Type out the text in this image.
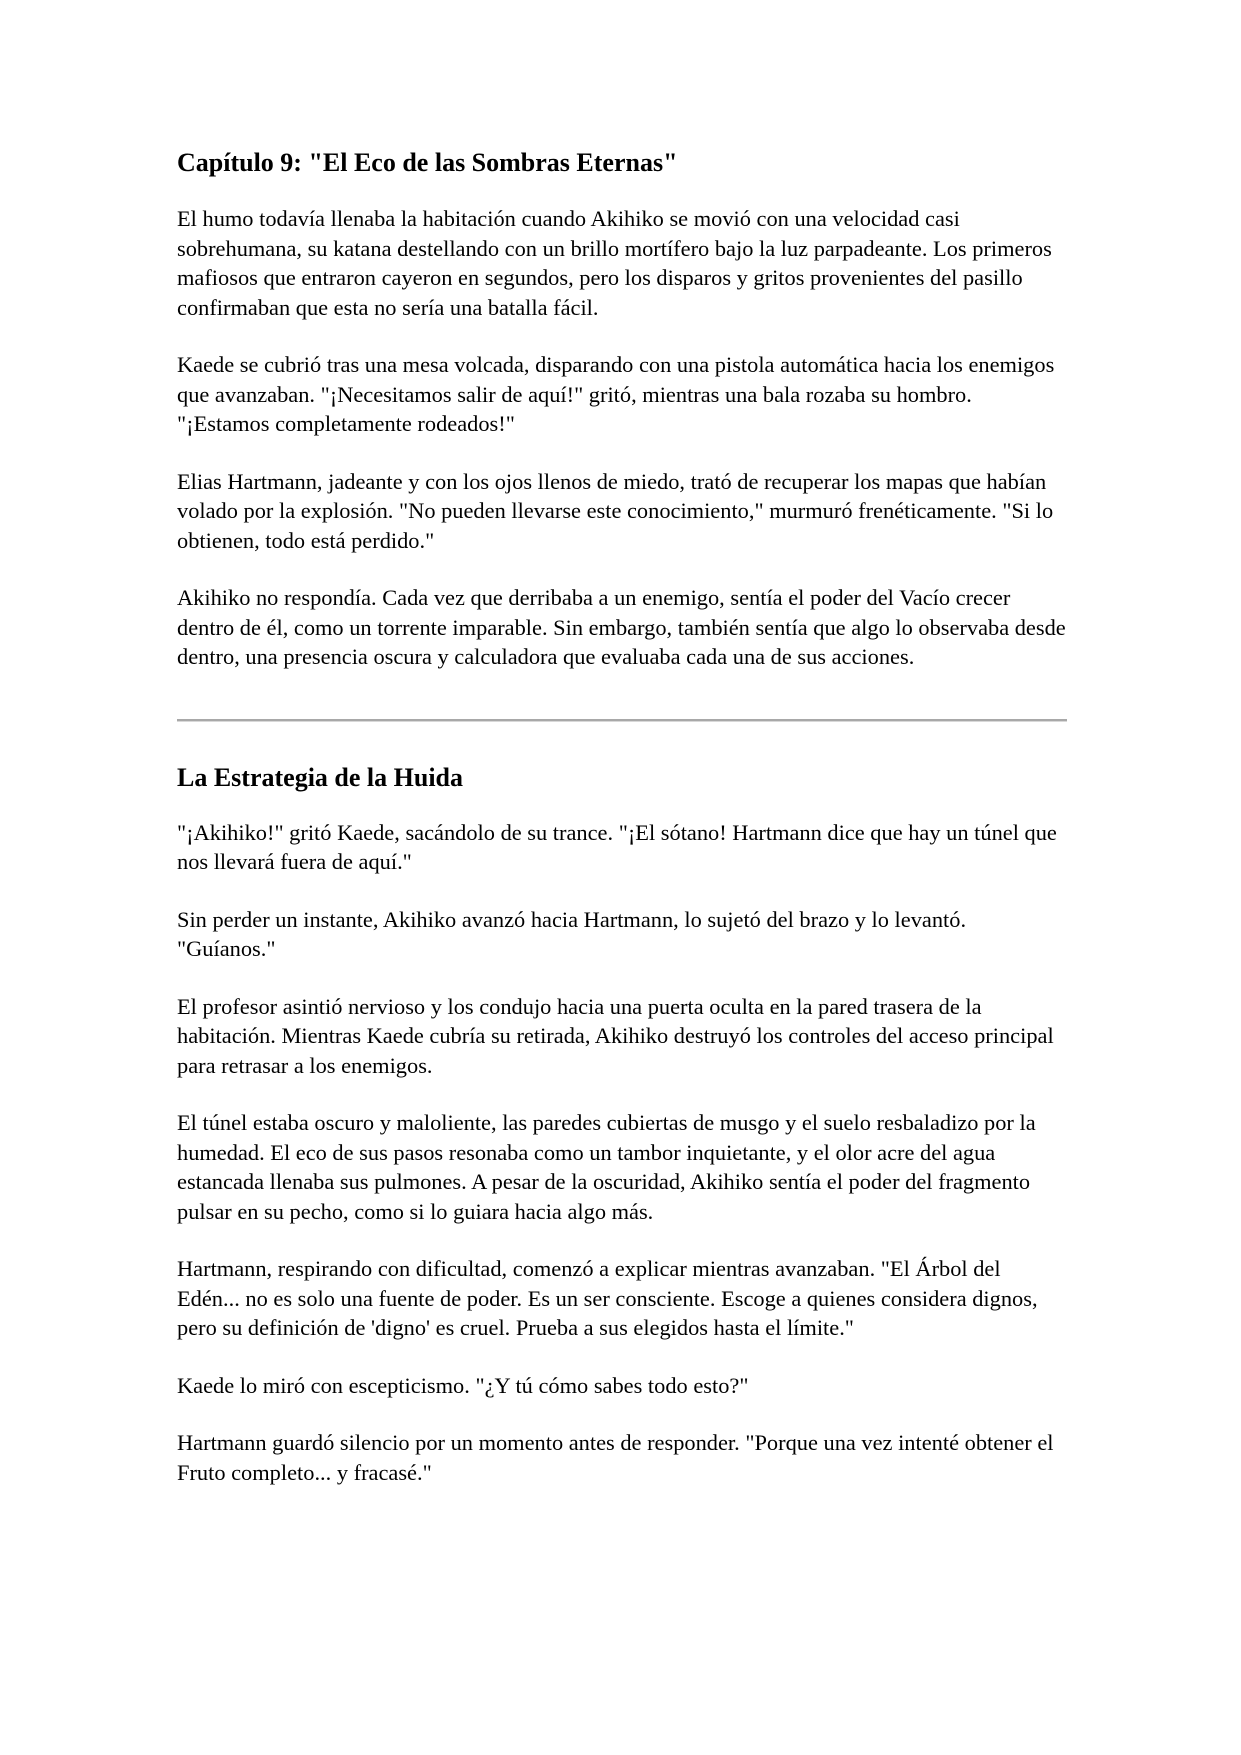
Capítulo 9: "El Eco de las Sombras Eternas"

El humo todavía llenaba la habitación cuando Akihiko se movió con una velocidad casi sobrehumana, su katana destellando con un brillo mortífero bajo la luz parpadeante. Los primeros mafiosos que entraron cayeron en segundos, pero los disparos y gritos provenientes del pasillo confirmaban que esta no sería una batalla fácil.

Kaede se cubrió tras una mesa volcada, disparando con una pistola automática hacia los enemigos que avanzaban. "¡Necesitamos salir de aquí!" gritó, mientras una bala rozaba su hombro. "¡Estamos completamente rodeados!"

Elias Hartmann, jadeante y con los ojos llenos de miedo, trató de recuperar los mapas que habían volado por la explosión. "No pueden llevarse este conocimiento," murmuró frenéticamente. "Si lo obtienen, todo está perdido."

Akihiko no respondía. Cada vez que derribaba a un enemigo, sentía el poder del Vacío crecer dentro de él, como un torrente imparable. Sin embargo, también sentía que algo lo observaba desde dentro, una presencia oscura y calculadora que evaluaba cada una de sus acciones.

La Estrategia de la Huida

"¡Akihiko!" gritó Kaede, sacándolo de su trance. "¡El sótano! Hartmann dice que hay un túnel que nos llevará fuera de aquí."

Sin perder un instante, Akihiko avanzó hacia Hartmann, lo sujetó del brazo y lo levantó. "Guíanos."

El profesor asintió nervioso y los condujo hacia una puerta oculta en la pared trasera de la habitación. Mientras Kaede cubría su retirada, Akihiko destruyó los controles del acceso principal para retrasar a los enemigos.

El túnel estaba oscuro y maloliente, las paredes cubiertas de musgo y el suelo resbaladizo por la humedad. El eco de sus pasos resonaba como un tambor inquietante, y el olor acre del agua estancada llenaba sus pulmones. A pesar de la oscuridad, Akihiko sentía el poder del fragmento pulsar en su pecho, como si lo guiara hacia algo más.

Hartmann, respirando con dificultad, comenzó a explicar mientras avanzaban. "El Árbol del Edén... no es solo una fuente de poder. Es un ser consciente. Escoge a quienes considera dignos, pero su definición de 'digno' es cruel. Prueba a sus elegidos hasta el límite."

Kaede lo miró con escepticismo. "¿Y tú cómo sabes todo esto?"

Hartmann guardó silencio por un momento antes de responder. "Porque una vez intenté obtener el Fruto completo... y fracasé."
